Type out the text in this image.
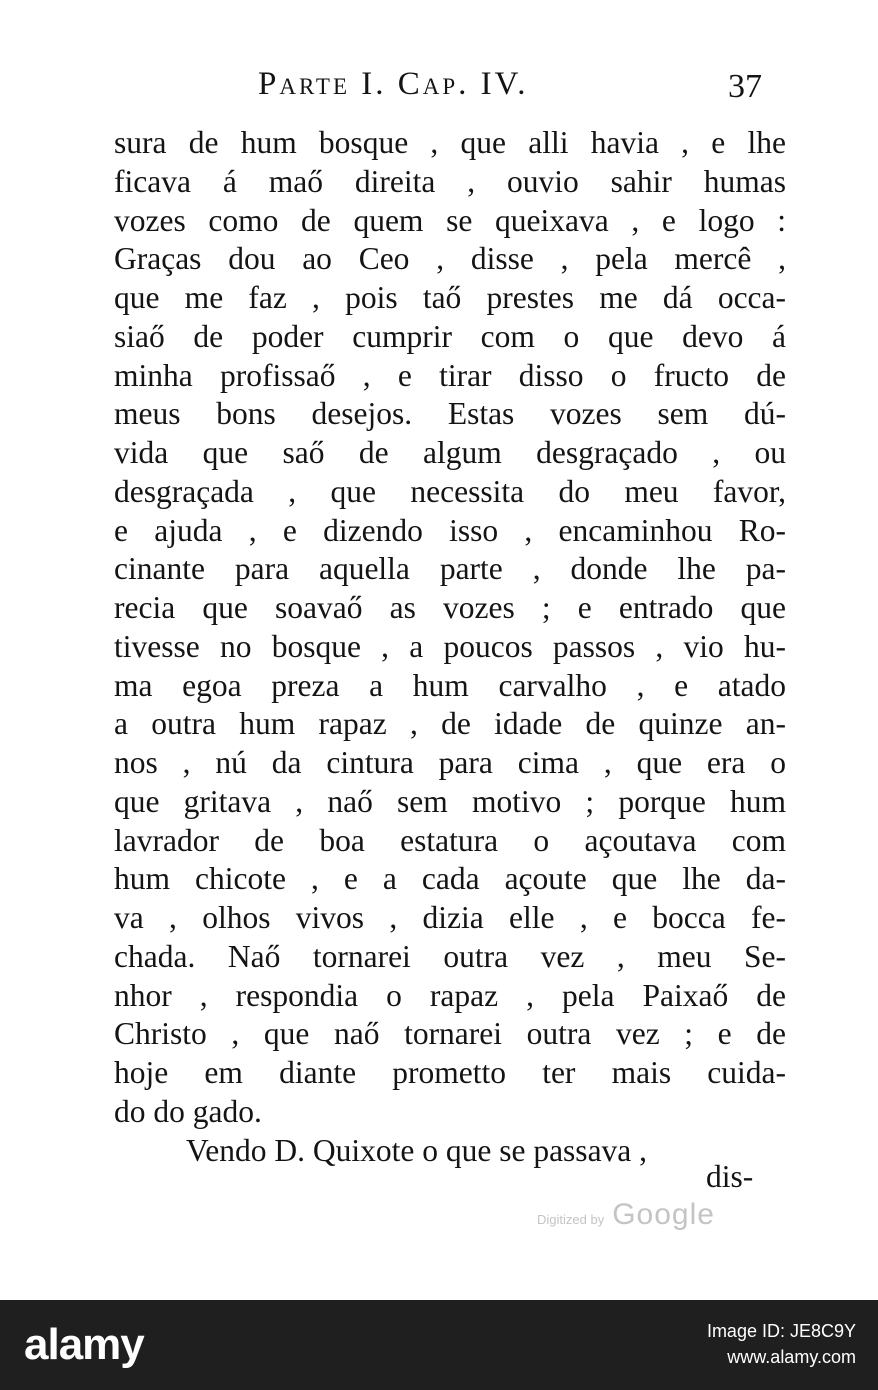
Parte I. Cap. IV.	37
sura de hum bosque , que alli havia , e lhe
ficava á maő direita , ouvio sahir humas
vozes como de quem se queixava , e logo :
Graças dou ao Ceo , disse , pela mercê ,
que me faz , pois taő prestes me dá occa-
siaő de poder cumprir com o que devo á
minha profissaő , e tirar disso o fructo de
meus bons desejos. Estas vozes sem dú-
vida que saő de algum desgraçado , ou
desgraçada , que necessita do meu favor,
e ajuda , e dizendo isso , encaminhou Ro-
cinante para aquella parte , donde lhe pa-
recia que soavaő as vozes ; e entrado que
tivesse no bosque , a poucos passos , vio hu-
ma egoa preza a hum carvalho , e atado
a outra hum rapaz , de idade de quinze an-
nos , nú da cintura para cima , que era o
que gritava , naő sem motivo ; porque hum
lavrador de boa estatura o açoutava com
hum chicote , e a cada açoute que lhe da-
va , olhos vivos , dizia elle , e bocca fe-
chada. Naő tornarei outra vez , meu Se-
nhor , respondia o rapaz , pela Paixaő de
Christo , que naő tornarei outra vez ; e de
hoje em diante prometto ter mais cuida-
do do gado.
Vendo D. Quixote o que se passava ,
dis-
Digitized by Google
alamy	Image ID: JE8C9Y
www.alamy.com
